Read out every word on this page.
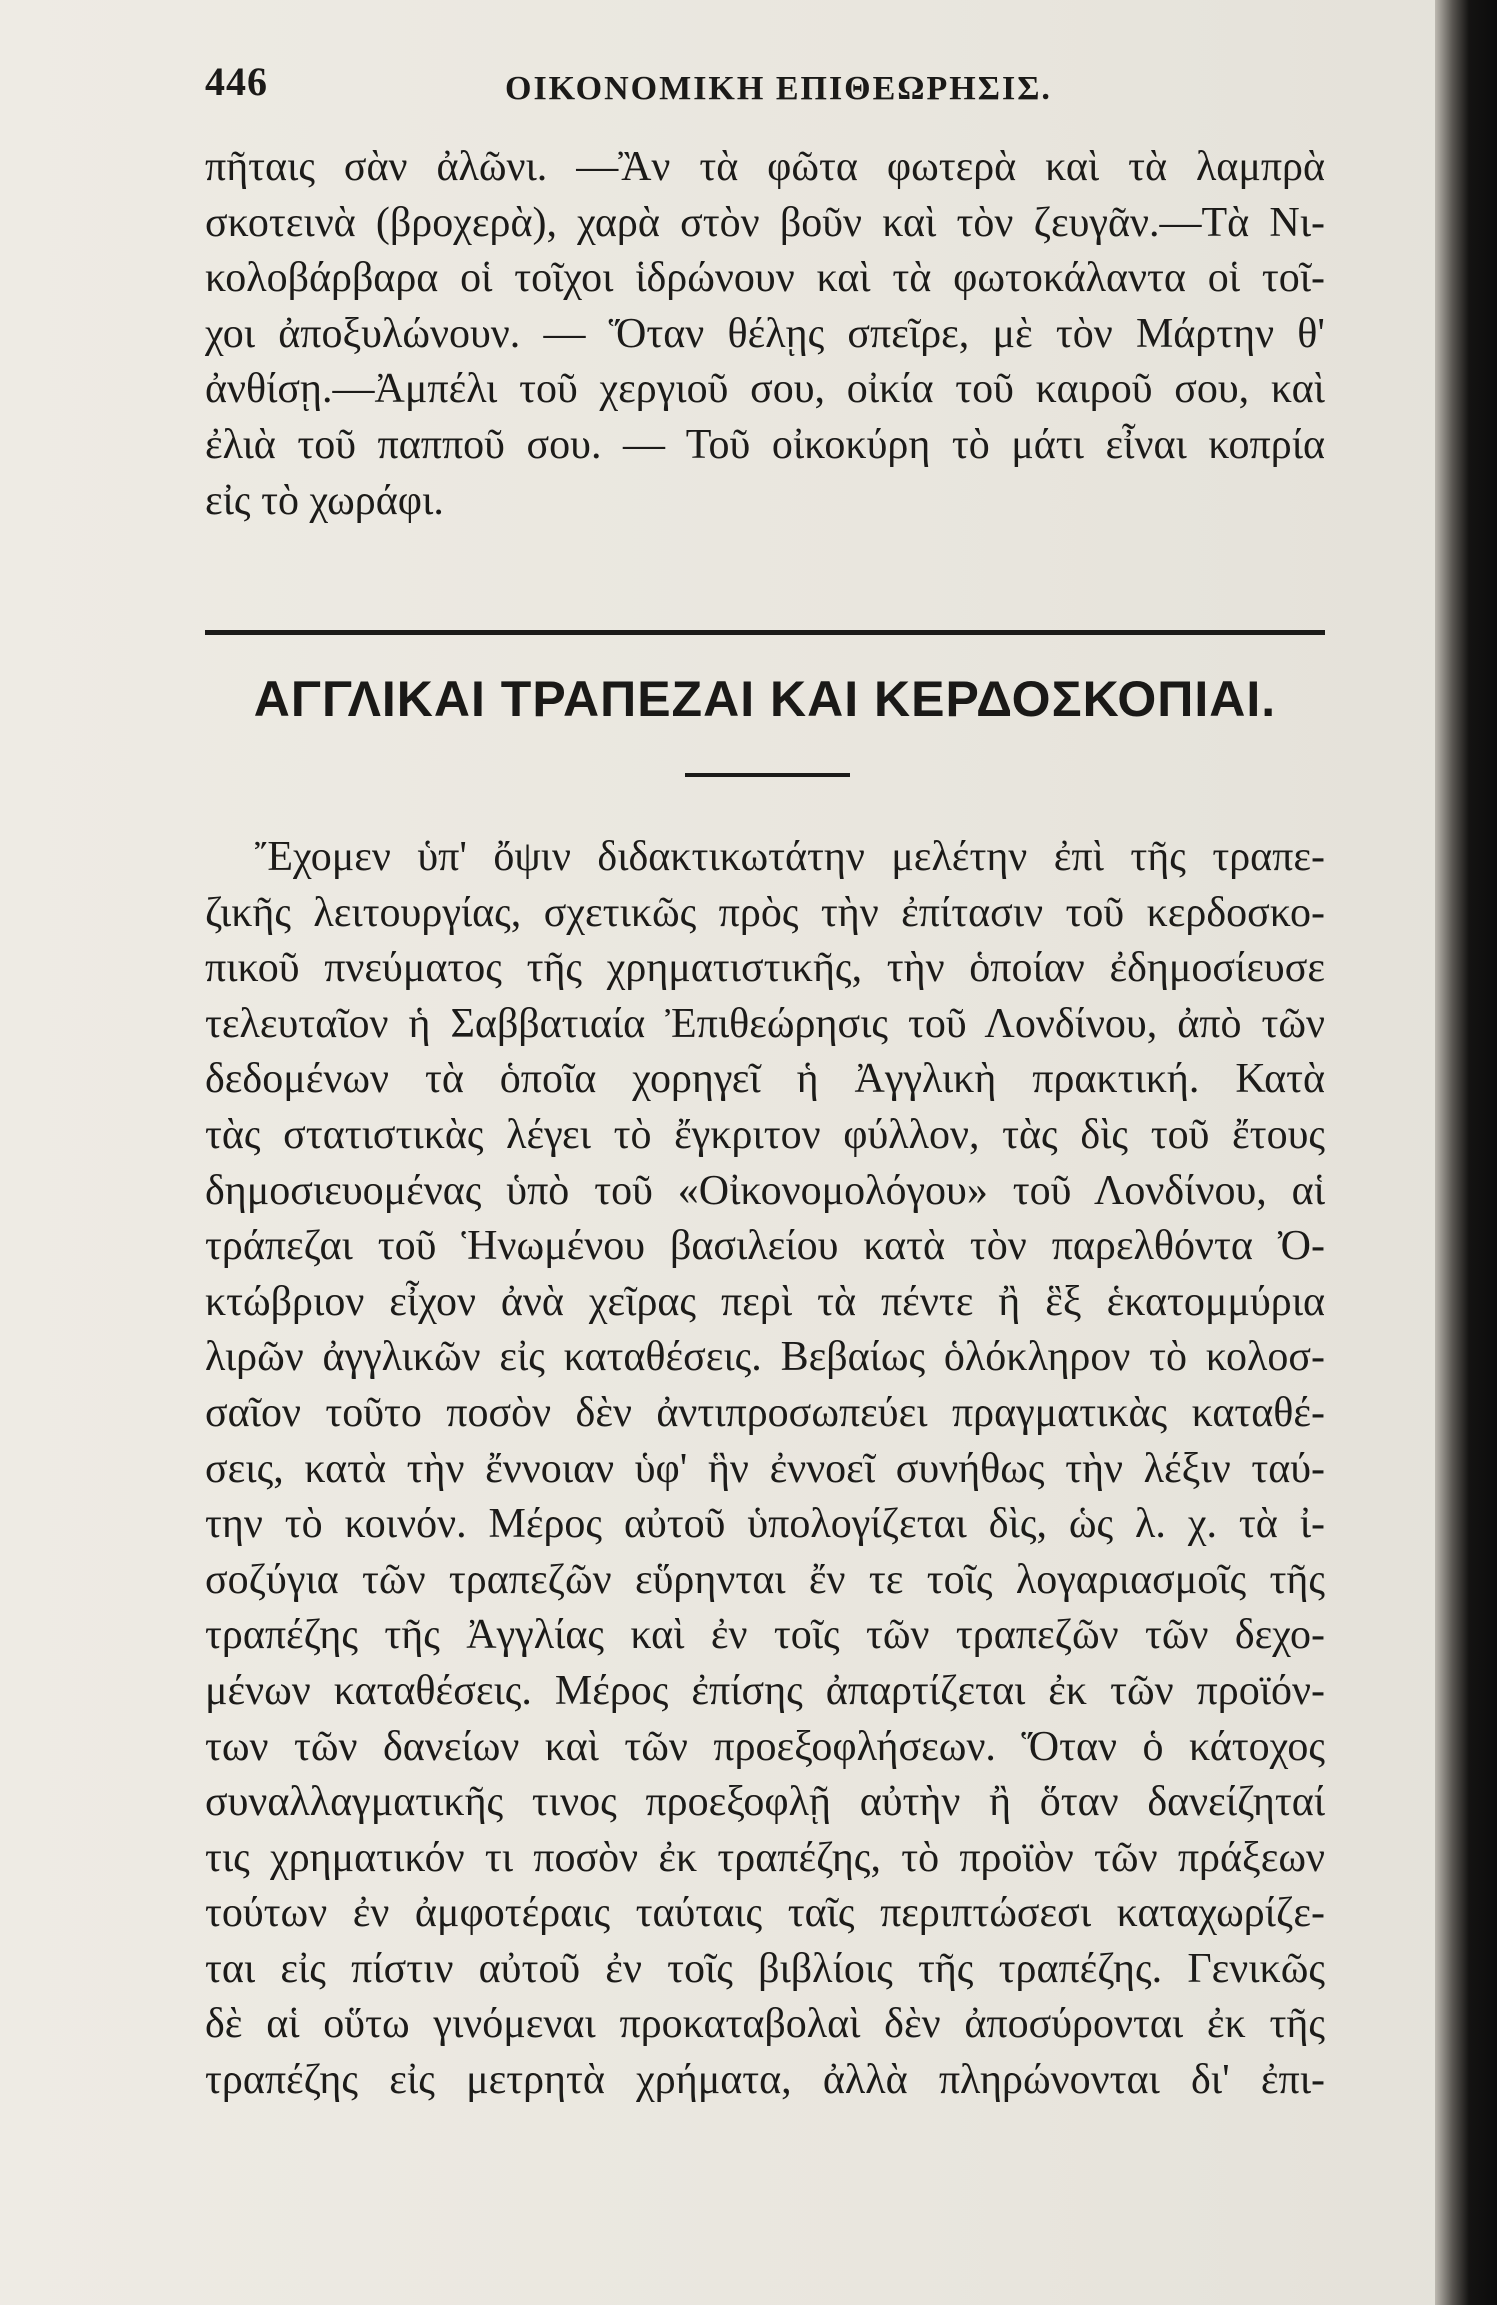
446	ΟΙΚΟΝΟΜΙΚΗ ΕΠΙΘΕΩΡΗΣΙΣ.
πῆταις σὰν ἀλῶνι. —Ἂν τὰ φῶτα φωτερὰ καὶ τὰ λαμπρὰ
σκοτεινὰ (βροχερὰ), χαρὰ στὸν βοῦν καὶ τὸν ζευγᾶν.—Τὰ Νι-
κολοβάρβαρα οἱ τοῖχοι ἱδρώνουν καὶ τὰ φωτοκάλαντα οἱ τοῖ-
χοι ἀποξυλώνουν. — Ὅταν θέλῃς σπεῖρε, μὲ τὸν Μάρτην θ'
ἀνθίσῃ.—Ἀμπέλι τοῦ χεργιοῦ σου, οἰκία τοῦ καιροῦ σου, καὶ
ἐλιὰ τοῦ παπποῦ σου. — Τοῦ οἰκοκύρη τὸ μάτι εἶναι κοπρία
εἰς τὸ χωράφι.
ΑΓΓΛΙΚΑΙ ΤΡΑΠΕΖΑΙ ΚΑΙ ΚΕΡΔΟΣΚΟΠΙΑΙ.
Ἔχομεν ὑπ' ὄψιν διδακτικωτάτην μελέτην ἐπὶ τῆς τραπε-
ζικῆς λειτουργίας, σχετικῶς πρὸς τὴν ἐπίτασιν τοῦ κερδοσκο-
πικοῦ πνεύματος τῆς χρηματιστικῆς, τὴν ὁποίαν ἐδημοσίευσε
τελευταῖον ἡ Σαββατιαία Ἐπιθεώρησις τοῦ Λονδίνου, ἀπὸ τῶν
δεδομένων τὰ ὁποῖα χορηγεῖ ἡ Ἀγγλικὴ πρακτική. Κατὰ
τὰς στατιστικὰς λέγει τὸ ἔγκριτον φύλλον, τὰς δὶς τοῦ ἔτους
δημοσιευομένας ὑπὸ τοῦ «Οἰκονομολόγου» τοῦ Λονδίνου, αἱ
τράπεζαι τοῦ Ἡνωμένου βασιλείου κατὰ τὸν παρελθόντα Ὀ-
κτώβριον εἶχον ἀνὰ χεῖρας περὶ τὰ πέντε ἢ ἓξ ἑκατομμύρια
λιρῶν ἀγγλικῶν εἰς καταθέσεις. Βεβαίως ὁλόκληρον τὸ κολοσ-
σαῖον τοῦτο ποσὸν δὲν ἀντιπροσωπεύει πραγματικὰς καταθέ-
σεις, κατὰ τὴν ἔννοιαν ὑφ' ἣν ἐννοεῖ συνήθως τὴν λέξιν ταύ-
την τὸ κοινόν. Μέρος αὐτοῦ ὑπολογίζεται δὶς, ὡς λ. χ. τὰ ἰ-
σοζύγια τῶν τραπεζῶν εὕρηνται ἔν τε τοῖς λογαριασμοῖς τῆς
τραπέζης τῆς Ἀγγλίας καὶ ἐν τοῖς τῶν τραπεζῶν τῶν δεχο-
μένων καταθέσεις. Μέρος ἐπίσης ἀπαρτίζεται ἐκ τῶν προϊόν-
των τῶν δανείων καὶ τῶν προεξοφλήσεων. Ὅταν ὁ κάτοχος
συναλλαγματικῆς τινος προεξοφλῇ αὐτὴν ἢ ὅταν δανείζηταί
τις χρηματικόν τι ποσὸν ἐκ τραπέζης, τὸ προϊὸν τῶν πράξεων
τούτων ἐν ἀμφοτέραις ταύταις ταῖς περιπτώσεσι καταχωρίζε-
ται εἰς πίστιν αὐτοῦ ἐν τοῖς βιβλίοις τῆς τραπέζης. Γενικῶς
δὲ αἱ οὕτω γινόμεναι προκαταβολαὶ δὲν ἀποσύρονται ἐκ τῆς
τραπέζης εἰς μετρητὰ χρήματα, ἀλλὰ πληρώνονται δι' ἐπι-
